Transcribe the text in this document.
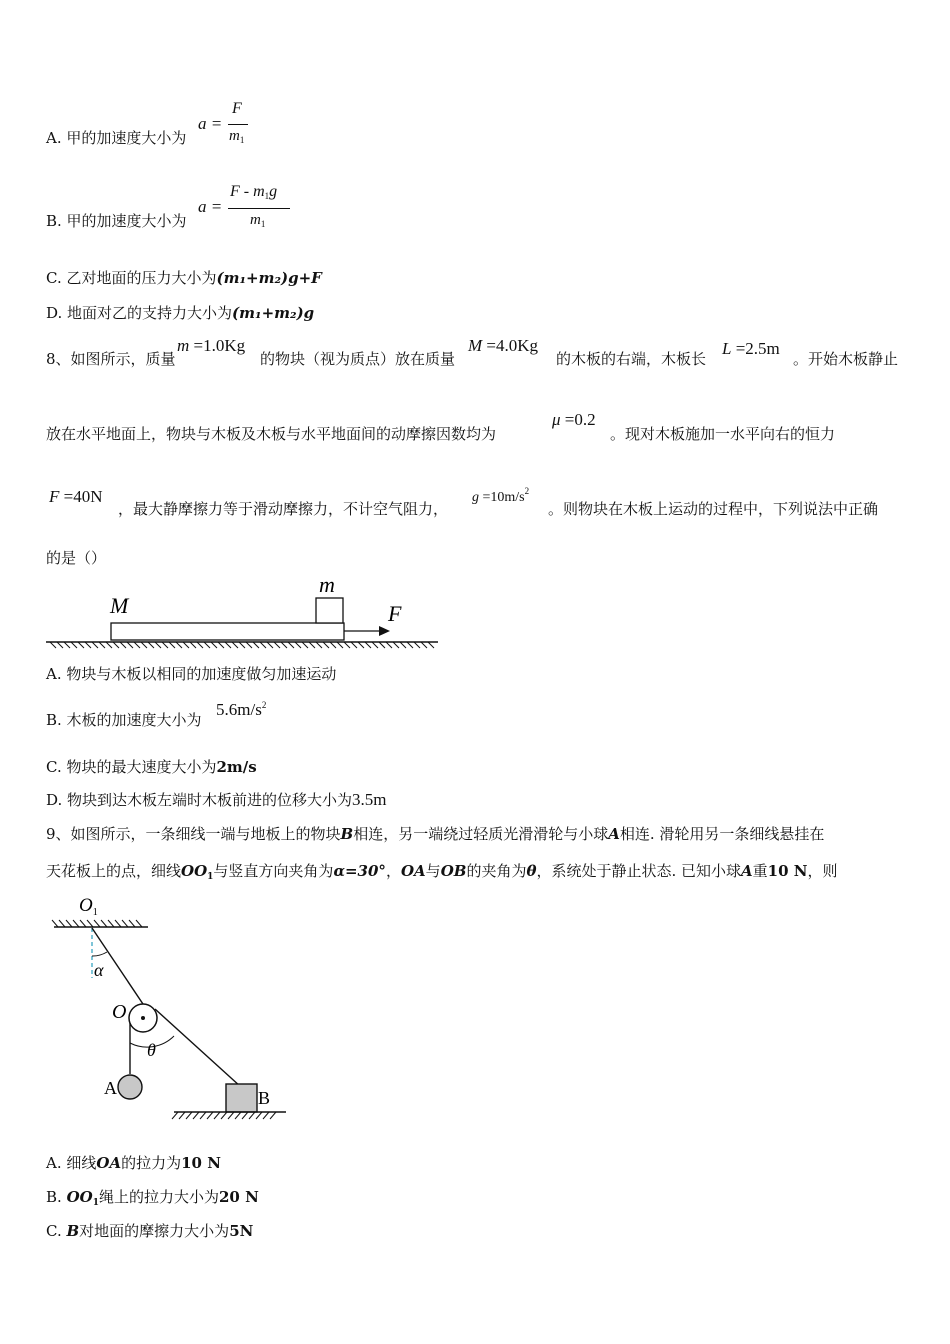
A. 甲的加速度大小为
a =
F
$m_1$
B. 甲的加速度大小为
a =
F - $m_1g$
$m_1$
C. 乙对地面的压力大小为(m₁+m₂)g+F
D. 地面对乙的支持力大小为(m₁+m₂)g
8、如图所示，质量
m =1.0Kg
的物块（视为质点）放在质量
M =4.0Kg
的木板的右端，木板长
L =2.5m
。开始木板静止
放在水平地面上，物块与木板及木板与水平地面间的动摩擦因数均为
μ =0.2
。现对木板施加一水平向右的恒力
F =40N
，最大静摩擦力等于滑动摩擦力，不计空气阻力，
$g =10m/s^2$
。则物块在木板上运动的过程中，下列说法中正确
的是（）
M
m
F
A. 物块与木板以相同的加速度做匀加速运动
B. 木板的加速度大小为
$5.6m/s^2$
C. 物块的最大速度大小为2m/s
D. 物块到达木板左端时木板前进的位移大小为3.5m
9、如图所示，一条细线一端与地板上的物块B相连，另一端绕过轻质光滑滑轮与小球A相连. 滑轮用另一条细线悬挂在
天花板上的点，细线$OO_1$与竖直方向夹角为α=30°，OA与OB的夹角为θ，系统处于静止状态. 已知小球A重10 N，则
$O_1$
α
O
θ
A	B
A. 细线OA的拉力为10 N
B. $OO_1$绳上的拉力大小为20 N
C. B对地面的摩擦力大小为5N
